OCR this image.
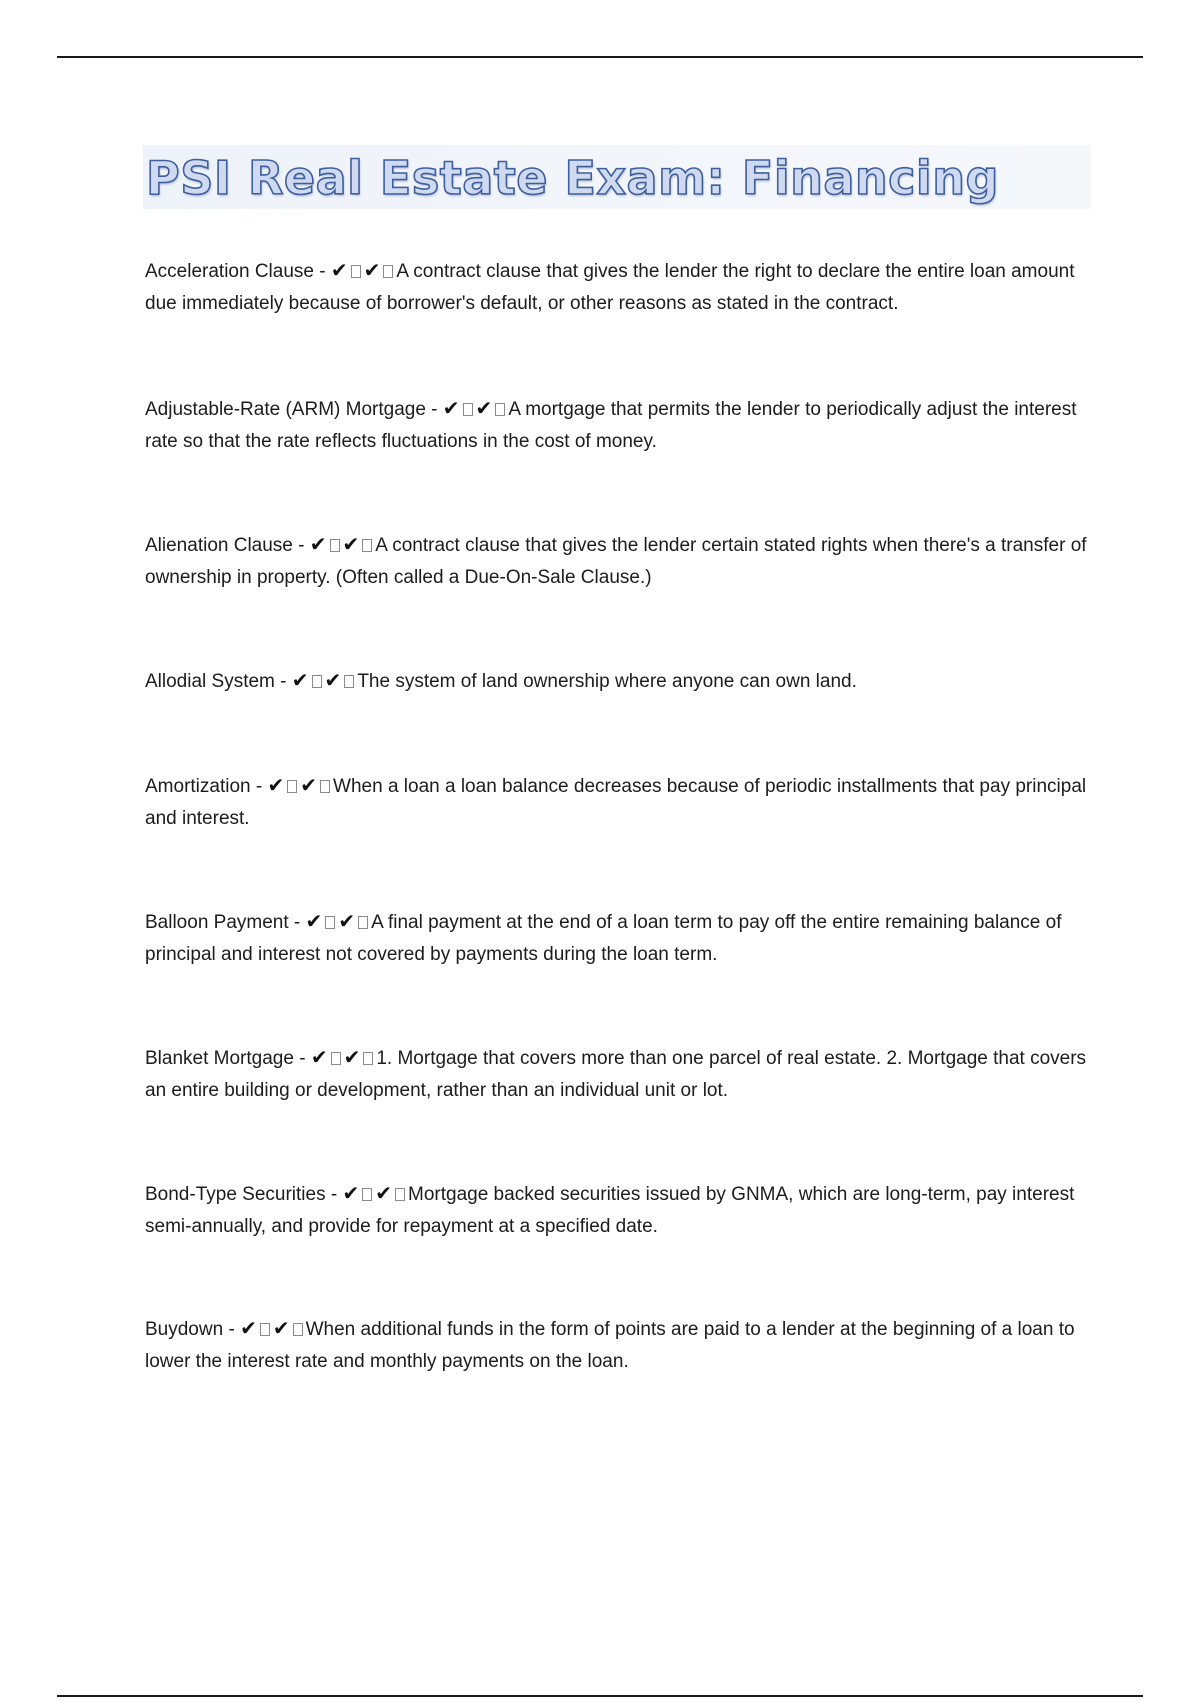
PSI Real Estate Exam: Financing

Acceleration Clause - ✔ ✔ A contract clause that gives the lender the right to declare the entire loan amount due immediately because of borrower's default, or other reasons as stated in the contract.

Adjustable-Rate (ARM) Mortgage - ✔ ✔ A mortgage that permits the lender to periodically adjust the interest rate so that the rate reflects fluctuations in the cost of money.

Alienation Clause - ✔ ✔ A contract clause that gives the lender certain stated rights when there's a transfer of ownership in property. (Often called a Due-On-Sale Clause.)

Allodial System - ✔ ✔ The system of land ownership where anyone can own land.

Amortization - ✔ ✔ When a loan a loan balance decreases because of periodic installments that pay principal and interest.

Balloon Payment - ✔ ✔ A final payment at the end of a loan term to pay off the entire remaining balance of principal and interest not covered by payments during the loan term.

Blanket Mortgage - ✔ ✔ 1. Mortgage that covers more than one parcel of real estate. 2. Mortgage that covers an entire building or development, rather than an individual unit or lot.

Bond-Type Securities - ✔ ✔ Mortgage backed securities issued by GNMA, which are long-term, pay interest semi-annually, and provide for repayment at a specified date.

Buydown - ✔ ✔ When additional funds in the form of points are paid to a lender at the beginning of a loan to lower the interest rate and monthly payments on the loan.
